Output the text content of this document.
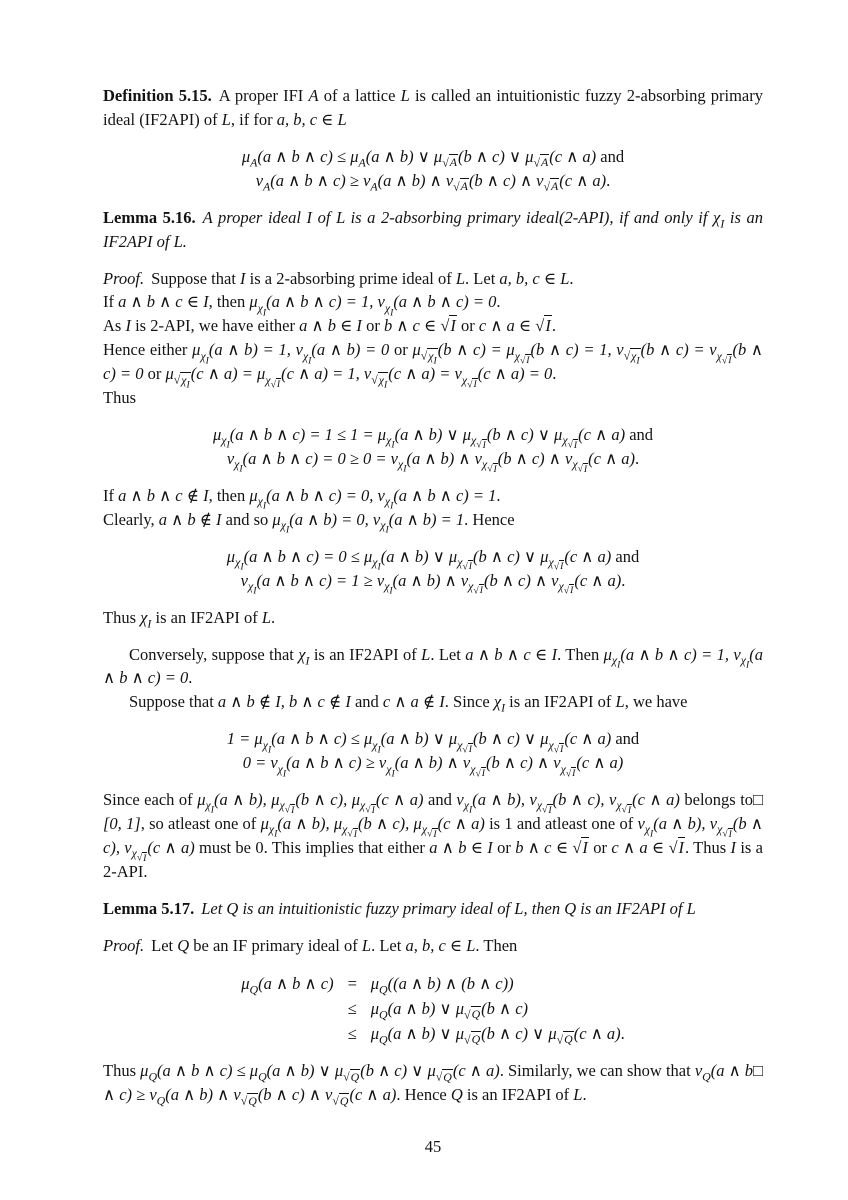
Definition 5.15. A proper IFI A of a lattice L is called an intuitionistic fuzzy 2-absorbing primary ideal (IF2API) of L, if for a, b, c ∈ L

$\mu_A(a$ ∧ b ∧ $c) \le \mu_A(a$ ∧ b) ∨ $\mu_{√A}(b$ ∧ c) ∨ $\mu_{√A}(c$ ∧ a) and
$\nu_A(a$ ∧ b ∧ $c) \ge \nu_A(a$ ∧ b) ∧ $\nu_{√A}(b$ ∧ c) ∧ $\nu_{√A}(c$ ∧ a).

Lemma 5.16. A proper ideal I of L is a 2-absorbing primary ideal(2-API), if and only if $\chi_I$ is an IF2API of L.

Proof. Suppose that I is a 2-absorbing prime ideal of L. Let a, b, c ∈ L.

If a ∧ b ∧ c ∈ I, then $\mu_{\chi_I}(a$ ∧ b ∧ c) = 1, $\nu_{\chi_I}(a$ ∧ b ∧ c) = 0.

As I is 2-API, we have either a ∧ b ∈ I or b ∧ c ∈ √I or c ∧ a ∈ √I.

Hence either $\mu_{\chi_I}(a$ ∧ b) = 1, $\nu_{\chi_I}(a$ ∧ b) = 0 or $\mu_{√\chi_I}(b$ ∧ $c) = \mu_{\chi_{√I}}(b$ ∧ c) = 1, $\nu_{√\chi_I}(b$ ∧ $c) = \nu_{\chi_{√I}}(b$ ∧ c) = 0 or $\mu_{√\chi_I}(c$ ∧ $a) = \mu_{\chi_{√I}}(c$ ∧ a) = 1, $\nu_{√\chi_I}(c$ ∧ $a) = \nu_{\chi_{√I}}(c$ ∧ a) = 0.

Thus

$\mu_{\chi_I}(a$ ∧ b ∧ $c) = 1 \le 1 = \mu_{\chi_I}(a$ ∧ b) ∨ $\mu_{\chi_{√I}}(b$ ∧ c) ∨ $\mu_{\chi_{√I}}(c$ ∧ a) and
$\nu_{\chi_I}(a$ ∧ b ∧ $c) = 0 \ge 0 = \nu_{\chi_I}(a$ ∧ b) ∧ $\nu_{\chi_{√I}}(b$ ∧ c) ∧ $\nu_{\chi_{√I}}(c$ ∧ a).

If a ∧ b ∧ c ∉ I, then $\mu_{\chi_I}(a$ ∧ b ∧ c) = 0, $\nu_{\chi_I}(a$ ∧ b ∧ c) = 1.

Clearly, a ∧ b ∉ I and so $\mu_{\chi_I}(a$ ∧ b) = 0, $\nu_{\chi_I}(a$ ∧ b) = 1. Hence

$\mu_{\chi_I}(a$ ∧ b ∧ $c) = 0 \le \mu_{\chi_I}(a$ ∧ b) ∨ $\mu_{\chi_{√I}}(b$ ∧ c) ∨ $\mu_{\chi_{√I}}(c$ ∧ a) and
$\nu_{\chi_I}(a$ ∧ b ∧ $c) = 1 \ge \nu_{\chi_I}(a$ ∧ b) ∧ $\nu_{\chi_{√I}}(b$ ∧ c) ∧ $\nu_{\chi_{√I}}(c$ ∧ a).

Thus $\chi_I$ is an IF2API of L.

Conversely, suppose that $\chi_I$ is an IF2API of L. Let a ∧ b ∧ c ∈ I. Then $\mu_{\chi_I}(a$ ∧ b ∧ c) = 1, $\nu_{\chi_I}(a$ ∧ b ∧ c) = 0.

Suppose that a ∧ b ∉ I, b ∧ c ∉ I and c ∧ a ∉ I. Since $\chi_I$ is an IF2API of L, we have

$1 = \mu_{\chi_I}(a$ ∧ b ∧ $c) \le \mu_{\chi_I}(a$ ∧ b) ∨ $\mu_{\chi_{√I}}(b$ ∧ c) ∨ $\mu_{\chi_{√I}}(c$ ∧ a) and
$0 = \nu_{\chi_I}(a$ ∧ b ∧ $c) \ge \nu_{\chi_I}(a$ ∧ b) ∧ $\nu_{\chi_{√I}}(b$ ∧ c) ∧ $\nu_{\chi_{√I}}(c$ ∧ a)

□
Since each of $\mu_{\chi_I}(a$ ∧ b), $\mu_{\chi_{√I}}(b$ ∧ c), $\mu_{\chi_{√I}}(c$ ∧ a) and $\nu_{\chi_I}(a$ ∧ b), $\nu_{\chi_{√I}}(b$ ∧ c), $\nu_{\chi_{√I}}(c$ ∧ a) belongs to [0, 1], so atleast one of $\mu_{\chi_I}(a$ ∧ b), $\mu_{\chi_{√I}}(b$ ∧ c), $\mu_{\chi_{√I}}(c$ ∧ a) is 1 and atleast one of $\nu_{\chi_I}(a$ ∧ b), $\nu_{\chi_{√I}}(b$ ∧ c), $\nu_{\chi_{√I}}(c$ ∧ a) must be 0. This implies that either a ∧ b ∈ I or b ∧ c ∈ √I or c ∧ a ∈ √I. Thus I is a 2-API.

Lemma 5.17. Let Q is an intuitionistic fuzzy primary ideal of L, then Q is an IF2API of L

Proof. Let Q be an IF primary ideal of L. Let a, b, c ∈ L. Then

$\mu_Q(a$ ∧ b ∧ $c) = \mu_Q((a$ ∧ b) ∧ (b ∧ c))
≤ $\mu_Q(a$ ∧ b) ∨ $\mu_{√Q}(b$ ∧ c)
≤ $\mu_Q(a$ ∧ b) ∨ $\mu_{√Q}(b$ ∧ c) ∨ $\mu_{√Q}(c$ ∧ a).

□
Thus $\mu_Q(a$ ∧ b ∧ $c) \le \mu_Q(a$ ∧ b) ∨ $\mu_{√Q}(b$ ∧ c) ∨ $\mu_{√Q}(c$ ∧ a). Similarly, we can show that $\nu_Q(a$ ∧ b ∧ $c) \ge \nu_Q(a$ ∧ b) ∧ $\nu_{√Q}(b$ ∧ c) ∧ $\nu_{√Q}(c$ ∧ a). Hence Q is an IF2API of L.

45
